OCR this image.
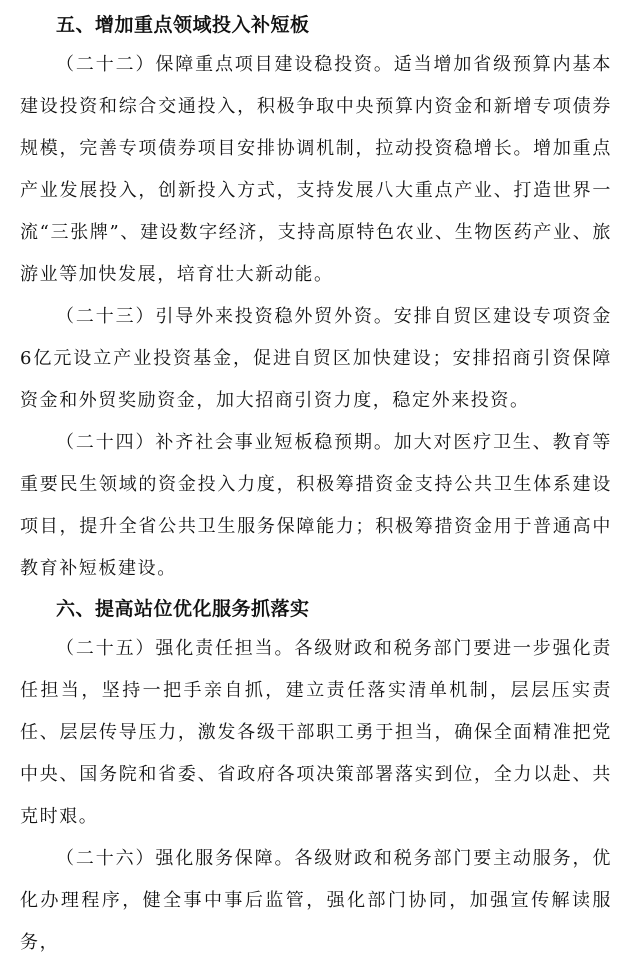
五、增加重点领域投入补短板

（二十二）保障重点项目建设稳投资。适当增加省级预算内基本建设投资和综合交通投入，积极争取中央预算内资金和新增专项债券规模，完善专项债券项目安排协调机制，拉动投资稳增长。增加重点产业发展投入，创新投入方式，支持发展八大重点产业、打造世界一流“三张牌”、建设数字经济，支持高原特色农业、生物医药产业、旅游业等加快发展，培育壮大新动能。

（二十三）引导外来投资稳外贸外资。安排自贸区建设专项资金6亿元设立产业投资基金，促进自贸区加快建设；安排招商引资保障资金和外贸奖励资金，加大招商引资力度，稳定外来投资。

（二十四）补齐社会事业短板稳预期。加大对医疗卫生、教育等重要民生领域的资金投入力度，积极筹措资金支持公共卫生体系建设项目，提升全省公共卫生服务保障能力；积极筹措资金用于普通高中教育补短板建设。

六、提高站位优化服务抓落实

（二十五）强化责任担当。各级财政和税务部门要进一步强化责任担当，坚持一把手亲自抓，建立责任落实清单机制，层层压实责任、层层传导压力，激发各级干部职工勇于担当，确保全面精准把党中央、国务院和省委、省政府各项决策部署落实到位，全力以赴、共克时艰。

（二十六）强化服务保障。各级财政和税务部门要主动服务，优化办理程序，健全事中事后监管，强化部门协同，加强宣传解读服务，
